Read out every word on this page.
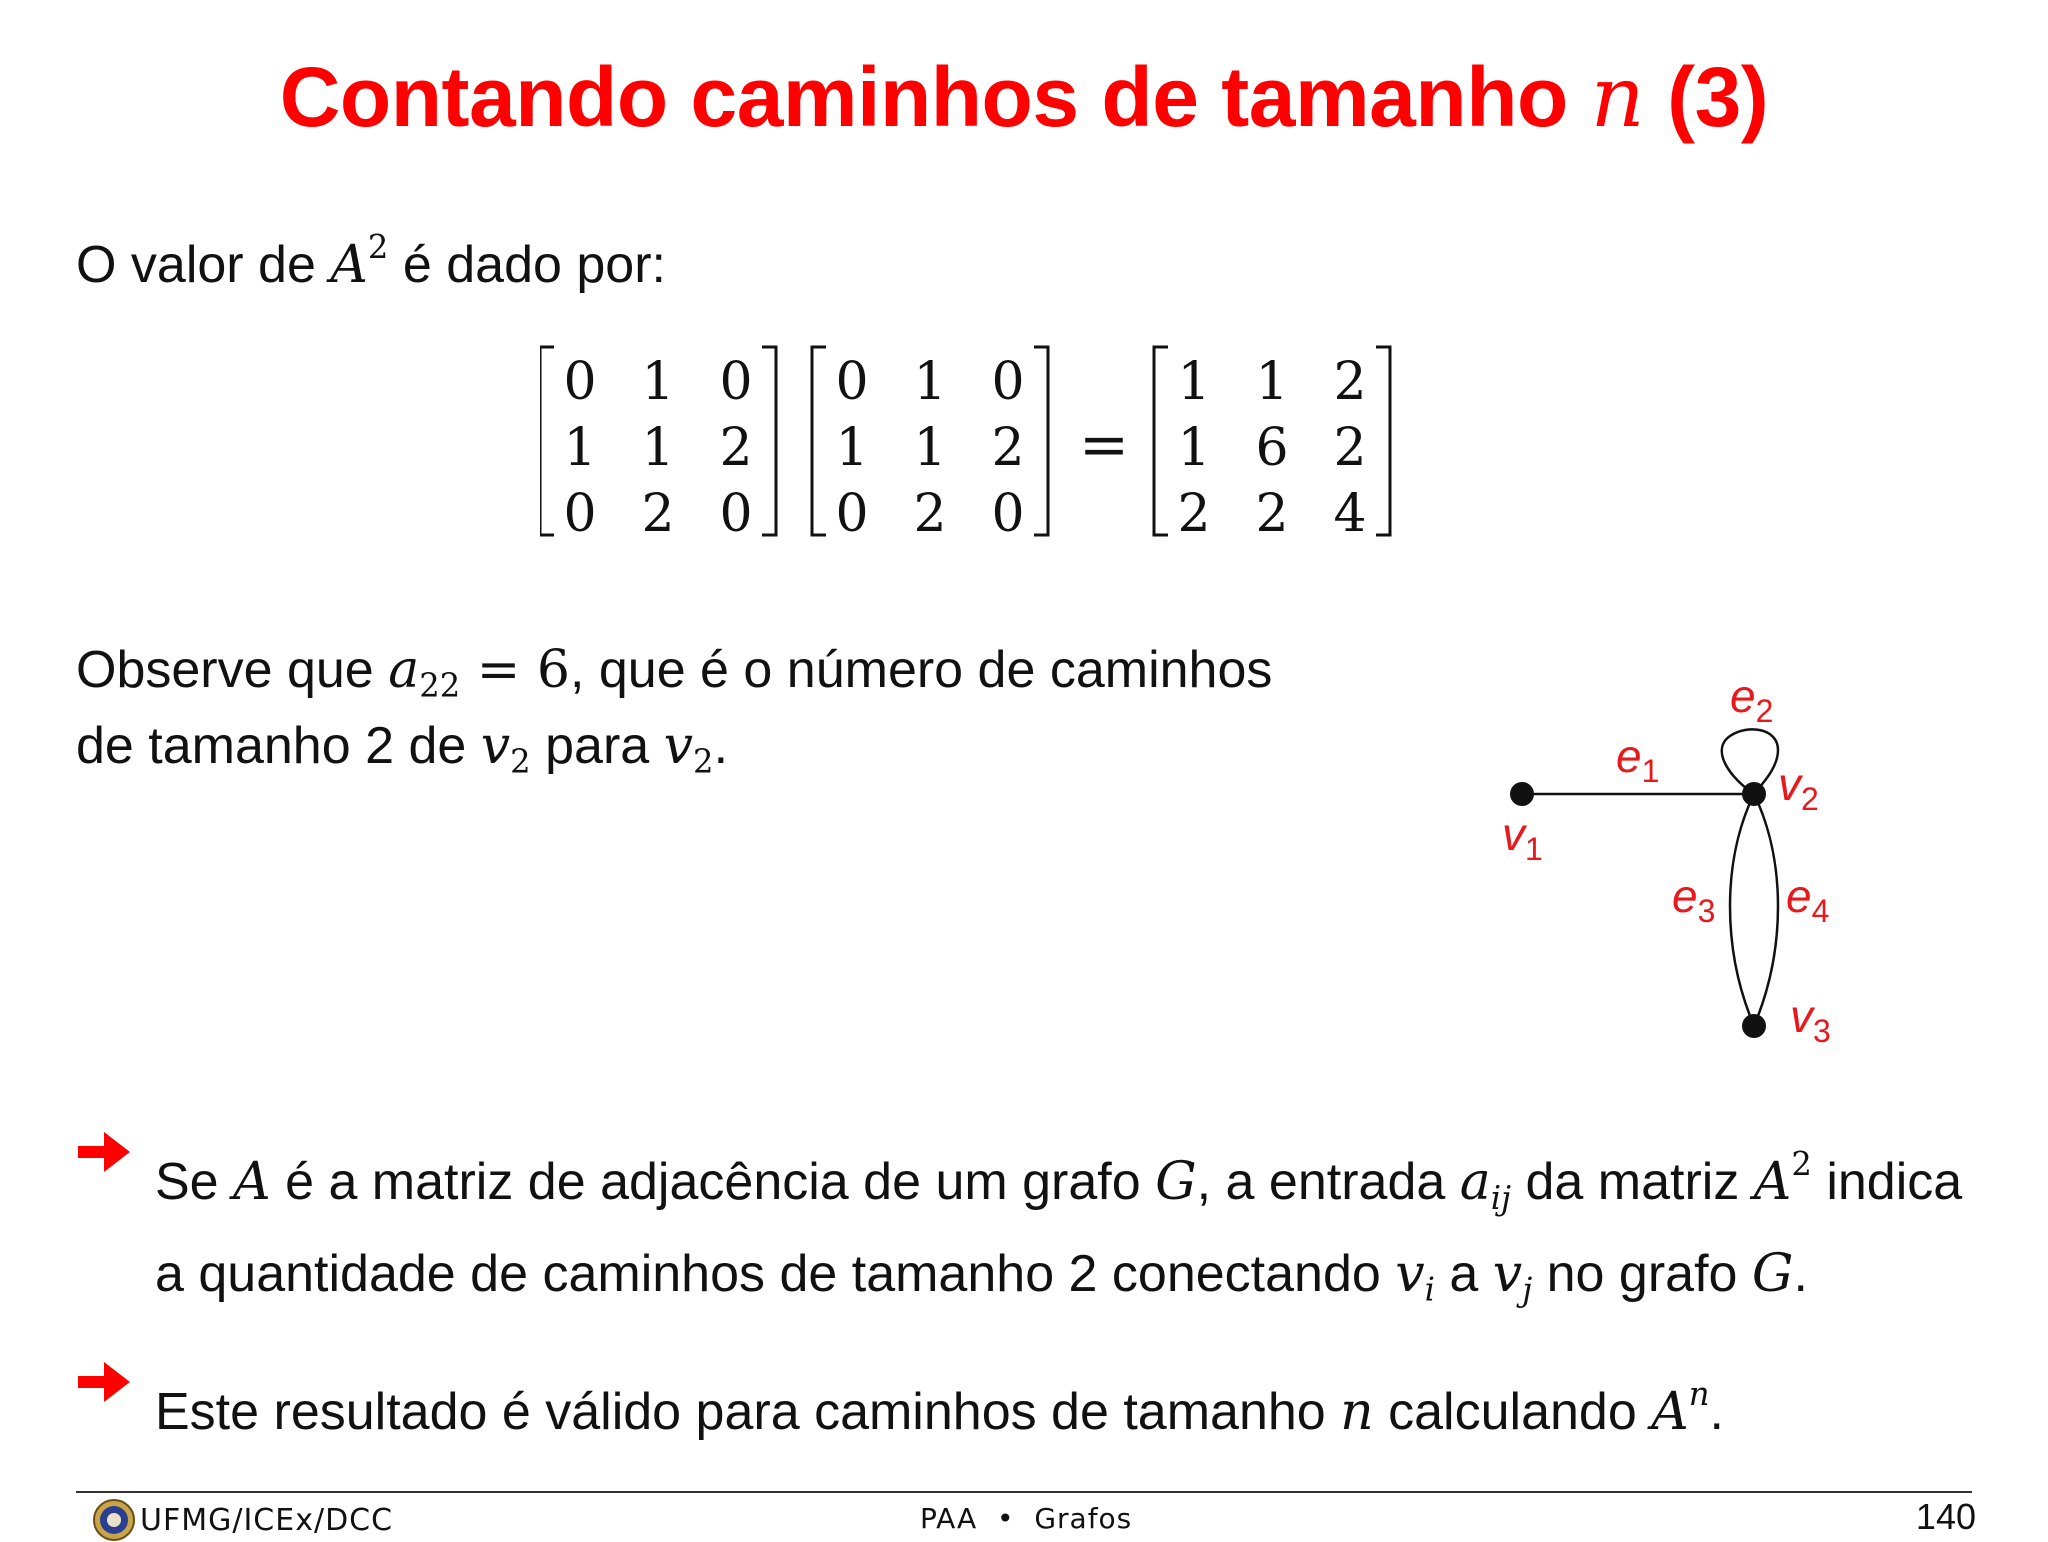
Contando caminhos de tamanho n (3)
O valor de $A^2$ é dado por:
0 1 0
1 1 2
0 2 0
0 1 0
1 1 2
0 2 0
=
1 1 2
1 6 2
2 2 4
Observe que $a_{22} = 6$, que é o número de caminhos
de tamanho 2 de $v_2$ para $v_2$.
$v_1$
$v_2$
$v_3$
$e_1$
$e_2$
$e_3$ $e_4$
Se A é a matriz de adjacência de um grafo G, a entrada $a_{ij}$ da matriz $A^2$ indica a quantidade de caminhos de tamanho 2 conectando $v_i$ a $v_j$ no grafo G.
Este resultado é válido para caminhos de tamanho n calculando $A^n$.
UFMG/ICEx/DCC	PAA • Grafos	140
